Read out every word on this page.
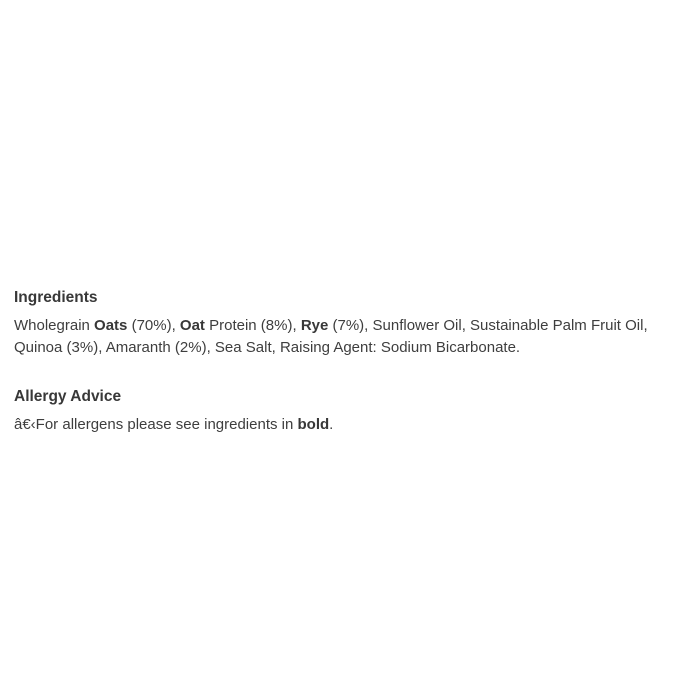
Ingredients

Wholegrain Oats (70%), Oat Protein (8%), Rye (7%), Sunflower Oil, Sustainable Palm Fruit Oil, Quinoa (3%), Amaranth (2%), Sea Salt, Raising Agent: Sodium Bicarbonate.

Allergy Advice

â€‹For allergens please see ingredients in bold.
